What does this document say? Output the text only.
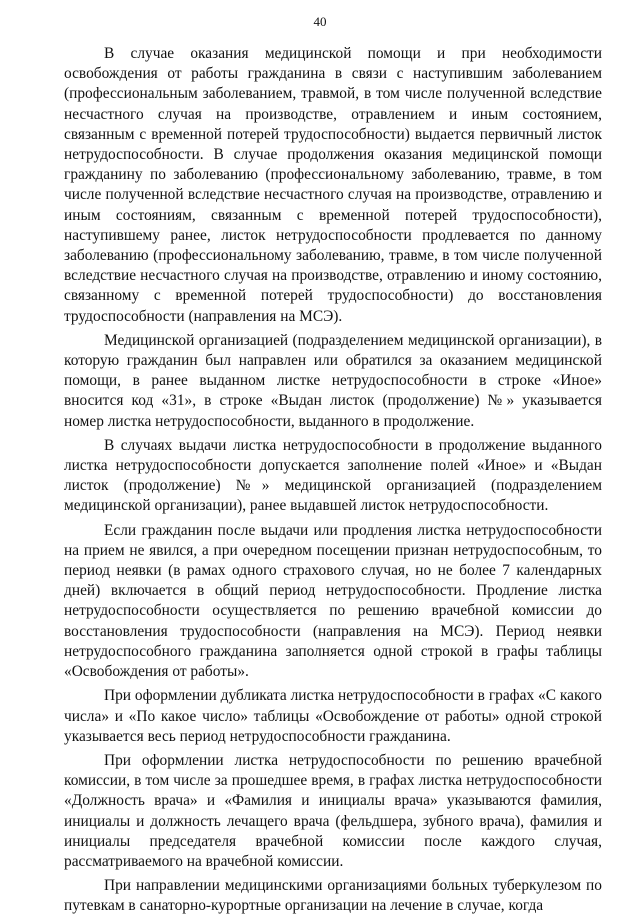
40

В случае оказания медицинской помощи и при необходимости освобождения от работы гражданина в связи с наступившим заболеванием (профессиональным заболеванием, травмой, в том числе полученной вследствие несчастного случая на производстве, отравлением и иным состоянием, связанным с временной потерей трудоспособности) выдается первичный листок нетрудоспособности. В случае продолжения оказания медицинской помощи гражданину по заболеванию (профессиональному заболеванию, травме, в том числе полученной вследствие несчастного случая на производстве, отравлению и иным состояниям, связанным с временной потерей трудоспособности), наступившему ранее, листок нетрудоспособности продлевается по данному заболеванию (профессиональному заболеванию, травме, в том числе полученной вследствие несчастного случая на производстве, отравлению и иному состоянию, связанному с временной потерей трудоспособности) до восстановления трудоспособности (направления на МСЭ).

Медицинской организацией (подразделением медицинской организации), в которую гражданин был направлен или обратился за оказанием медицинской помощи, в ранее выданном листке нетрудоспособности в строке «Иное» вносится код «31», в строке «Выдан листок (продолжение) №» указывается номер листка нетрудоспособности, выданного в продолжение.

В случаях выдачи листка нетрудоспособности в продолжение выданного листка нетрудоспособности допускается заполнение полей «Иное» и «Выдан листок (продолжение) №» медицинской организацией (подразделением медицинской организации), ранее выдавшей листок нетрудоспособности.

Если гражданин после выдачи или продления листка нетрудоспособности на прием не явился, а при очередном посещении признан нетрудоспособным, то период неявки (в рамах одного страхового случая, но не более 7 календарных дней) включается в общий период нетрудоспособности. Продление листка нетрудоспособности осуществляется по решению врачебной комиссии до восстановления трудоспособности (направления на МСЭ). Период неявки нетрудоспособного гражданина заполняется одной строкой в графы таблицы «Освобождения от работы».

При оформлении дубликата листка нетрудоспособности в графах «С какого числа» и «По какое число» таблицы «Освобождение от работы» одной строкой указывается весь период нетрудоспособности гражданина.

При оформлении листка нетрудоспособности по решению врачебной комиссии, в том числе за прошедшее время, в графах листка нетрудоспособности «Должность врача» и «Фамилия и инициалы врача» указываются фамилия, инициалы и должность лечащего врача (фельдшера, зубного врача), фамилия и инициалы председателя врачебной комиссии после каждого случая, рассматриваемого на врачебной комиссии.

При направлении медицинскими организациями больных туберкулезом по путевкам в санаторно-курортные организации на лечение в случае, когда
